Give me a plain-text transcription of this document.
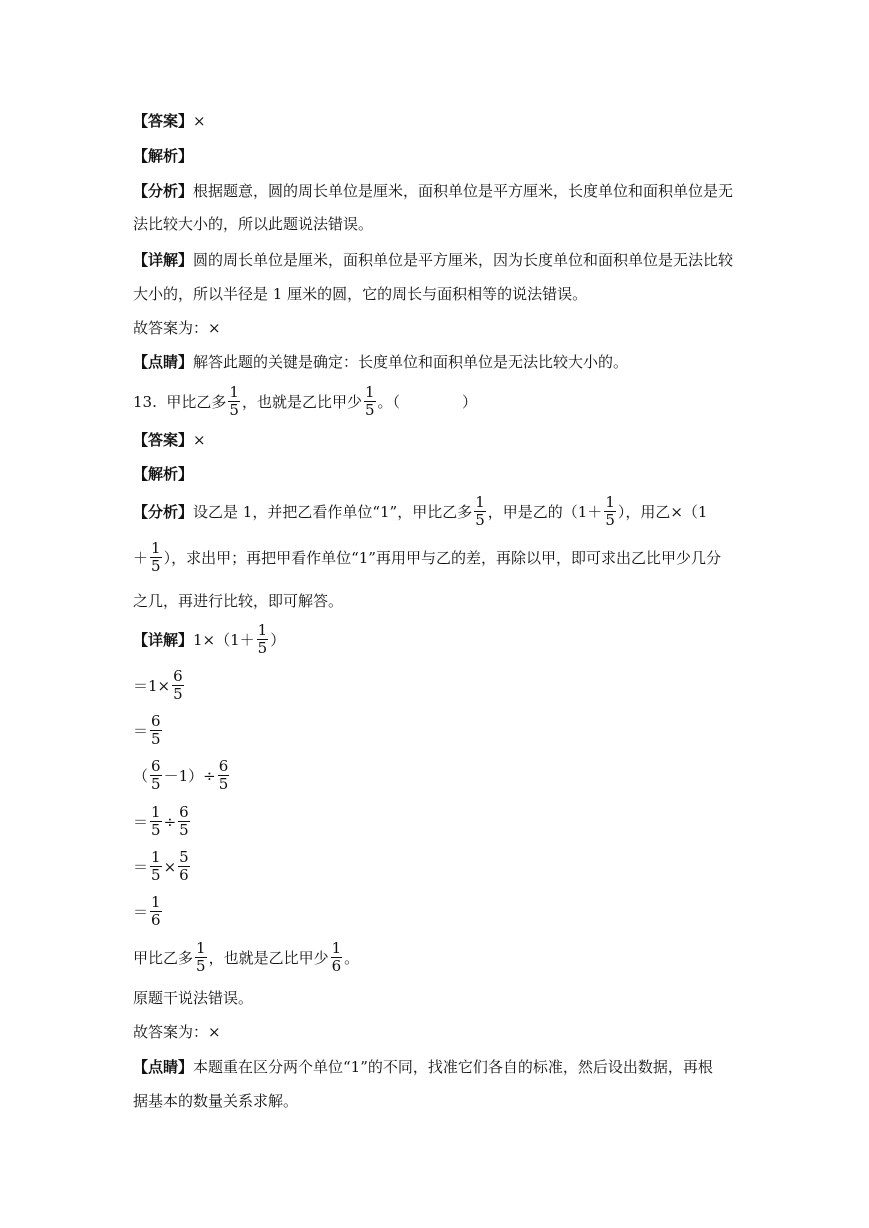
【答案】 ×
【解析】
【分析】 根据题意，圆的周长单位是厘米，面积单位是平方厘米，长度单位和面积单位是无
法比较大小的，所以此题说法错误。
【详解】 圆的周长单位是厘米，面积单位是平方厘米，因为长度单位和面积单位是无法比较
大小的，所以半径是 1 厘米的圆，它的周长与面积相等的说法错误。
故答案为：×
【点睛】 解答此题的关键是确定：长度单位和面积单位是无法比较大小的。
13.
甲比乙多 $\frac{1}{5}$ ，也就是乙比甲少 $\frac{1}{5}$ 。（	）
【答案】 ×
【解析】
【分析】 设乙是 1，并把乙看作单位“1”，甲比乙多 $\frac{1}{5}$ ，甲是乙的（$1+ \frac{1}{5}$ ），用乙×（1
＋ $\frac{1}{5}$ ），求出甲；再把甲看作单位“1”再用甲与乙的差，再除以甲，即可求出乙比甲少几分
之几，再进行比较，即可解答。
【详解】 $1\times(1+ \frac{1}{5}$ ）
$=1\times \frac{6}{5}$
＝ $\frac{6}{5}$
（ $\frac{6}{5} -1)\div \frac{6}{5}$
＝ $\frac{1}{5} \div \frac{6}{5}$
＝ $\frac{1}{5} \times \frac{5}{6}$
＝ $\frac{1}{6}$
甲比乙多 $\frac{1}{5}$ ，也就是乙比甲少 $\frac{1}{6}$ 。
原题干说法错误。
故答案为：×
【点睛】 本题重在区分两个单位“1”的不同，找准它们各自的标准，然后设出数据，再根
据基本的数量关系求解。
